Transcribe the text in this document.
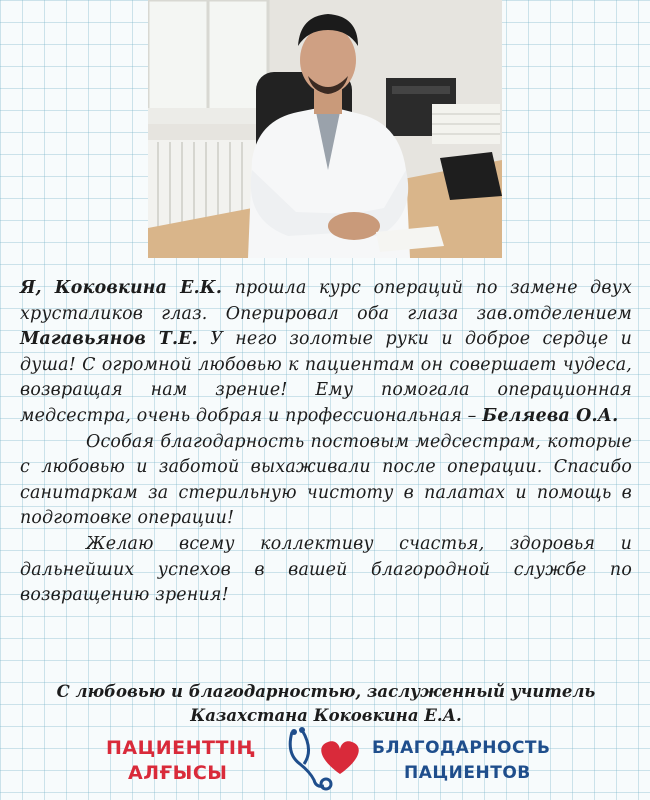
Я, Коковкина Е.К. прошла курс операций по замене двух хрусталиков глаз. Оперировал оба глаза зав.отделением Магавьянов Т.Е. У него золотые руки и доброе сердце и душа! С огромной любовью к пациентам он совершает чудеса, возвращая нам зрение! Ему помогала операционная медсестра, очень добрая и профессиональная – Беляева О.А.

Особая благодарность постовым медсестрам, которые с любовью и заботой выхаживали после операции. Спасибо санитаркам за стерильную чистоту в палатах и помощь в подготовке операции!

Желаю всему коллективу счастья, здоровья и дальнейших успехов в вашей благородной службе по возвращению зрения!

С любовью и благодарностью, заслуженный учитель
Казахстана Коковкина Е.А.
ПАЦИЕНТТІҢ
АЛҒЫСЫ
БЛАГОДАРНОСТЬ
ПАЦИЕНТОВ
